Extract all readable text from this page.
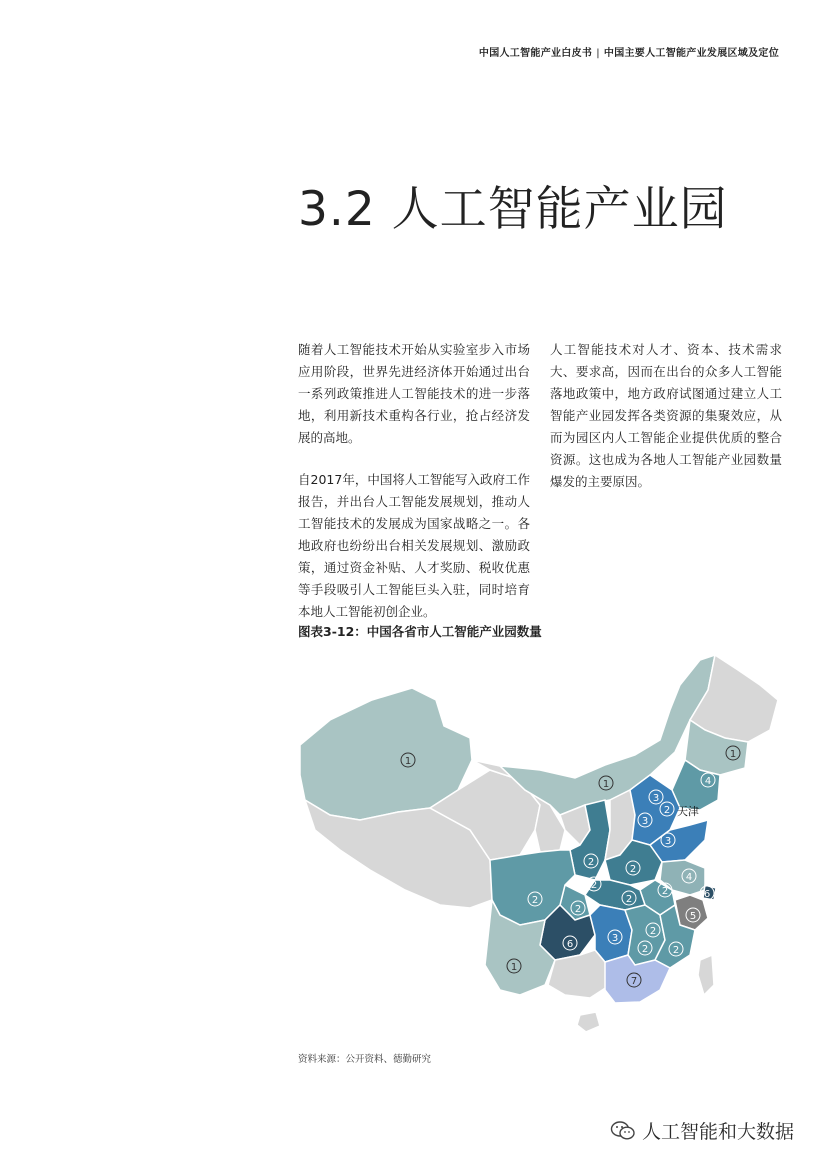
中国人工智能产业白皮书 | 中国主要人工智能产业发展区域及定位
3.2 人工智能产业园

随着人工智能技术开始从实验室步入市场应用阶段，世界先进经济体开始通过出台一系列政策推进人工智能技术的进一步落地，利用新技术重构各行业，抢占经济发展的高地。

自2017年，中国将人工智能写入政府工作报告，并出台人工智能发展规划，推动人工智能技术的发展成为国家战略之一。各地政府也纷纷出台相关发展规划、激励政策，通过资金补贴、人才奖励、税收优惠等手段吸引人工智能巨头入驻，同时培育本地人工智能初创企业。

人工智能技术对人才、资本、技术需求大、要求高，因而在出台的众多人工智能落地政策中，地方政府试图通过建立人工智能产业园发挥各类资源的集聚效应，从而为园区内人工智能企业提供优质的整合资源。这也成为各地人工智能产业园数量爆发的主要原因。

图表3-12：中国各省市人工智能产业园数量
1
1
1
4
3
2
3
3
2
2
2
2
2
4
6
2
2
5
6
3
2
2
1
7
2
天津
资料来源：公开资料、德勤研究
人工智能和大数据
